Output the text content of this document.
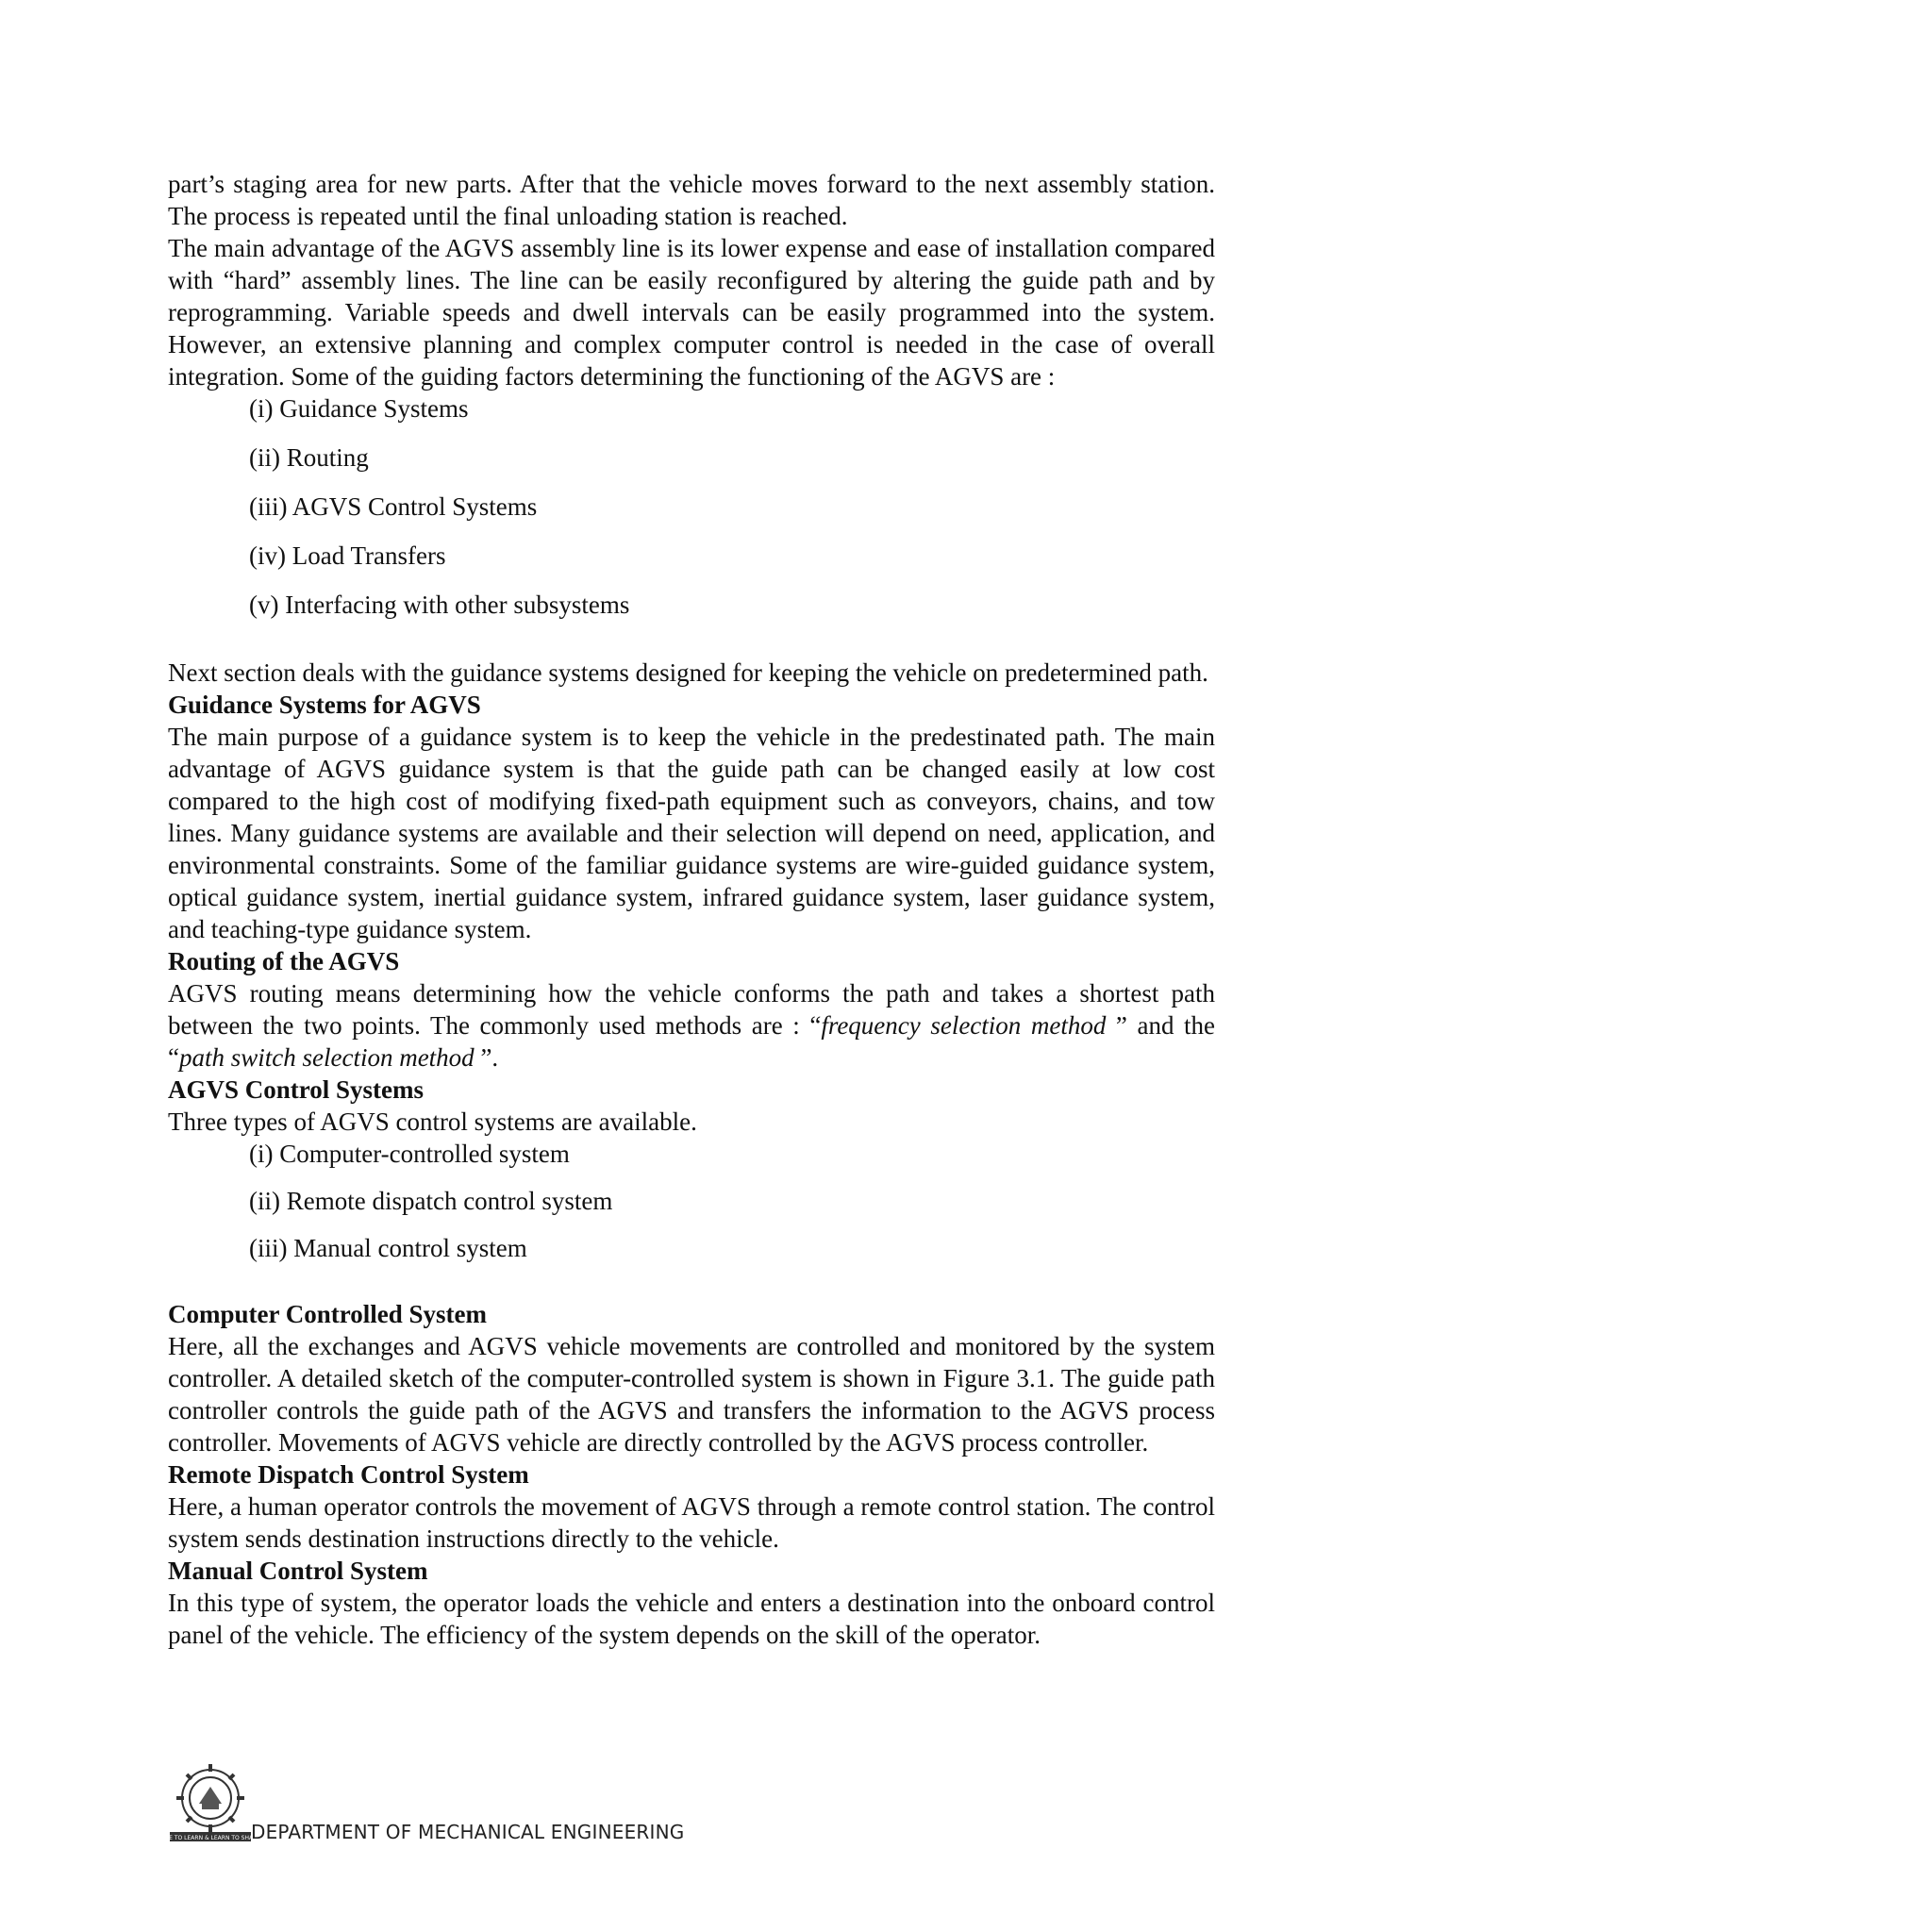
part’s staging area for new parts. After that the vehicle moves forward to the next assembly station. The process is repeated until the final unloading station is reached.

The main advantage of the AGVS assembly line is its lower expense and ease of installation compared with “hard” assembly lines. The line can be easily reconfigured by altering the guide path and by reprogramming. Variable speeds and dwell intervals can be easily programmed into the system. However, an extensive planning and complex computer control is needed in the case of overall integration. Some of the guiding factors determining the functioning of the AGVS are :

(i) Guidance Systems
(ii) Routing
(iii) AGVS Control Systems
(iv) Load Transfers
(v) Interfacing with other subsystems

Next section deals with the guidance systems designed for keeping the vehicle on predetermined path.

Guidance Systems for AGVS

The main purpose of a guidance system is to keep the vehicle in the predestinated path. The main advantage of AGVS guidance system is that the guide path can be changed easily at low cost compared to the high cost of modifying fixed-path equipment such as conveyors, chains, and tow lines. Many guidance systems are available and their selection will depend on need, application, and environmental constraints. Some of the familiar guidance systems are wire-guided guidance system, optical guidance system, inertial guidance system, infrared guidance system, laser guidance system, and teaching-type guidance system.

Routing of the AGVS

AGVS routing means determining how the vehicle conforms the path and takes a shortest path between the two points. The commonly used methods are : “frequency selection method ” and the “path switch selection method ”.

AGVS Control Systems

Three types of AGVS control systems are available.

(i) Computer-controlled system
(ii) Remote dispatch control system
(iii) Manual control system
Computer Controlled System

Here, all the exchanges and AGVS vehicle movements are controlled and monitored by the system controller. A detailed sketch of the computer-controlled system is shown in Figure 3.1. The guide path controller controls the guide path of the AGVS and transfers the information to the AGVS process controller. Movements of AGVS vehicle are directly controlled by the AGVS process controller.

Remote Dispatch Control System

Here, a human operator controls the movement of AGVS through a remote control station. The control system sends destination instructions directly to the vehicle.

Manual Control System

In this type of system, the operator loads the vehicle and enters a destination into the onboard control panel of the vehicle. The efficiency of the system depends on the skill of the operator.

LIVE TO LEARN & LEARN TO SHARE
DEPARTMENT OF MECHANICAL ENGINEERING
